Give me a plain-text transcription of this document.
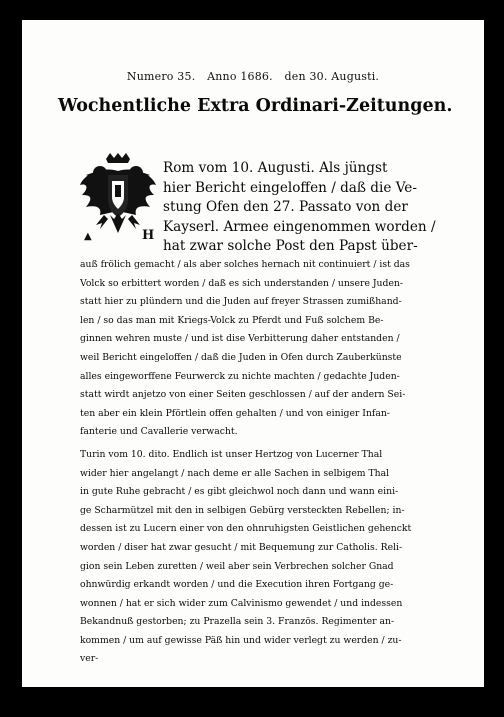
Numero 35. Anno 1686. den 30. Augusti.
Wochentliche Extra Ordinari-Zeitungen.
▲	H
Rom vom 10. Augusti. Als jüngst
hier Bericht eingeloffen / daß die Ve-
stung Ofen den 27. Passato von der
Kayserl. Armee eingenommen worden /
hat zwar solche Post den Papst über-
auß frölich gemacht / als aber solches hernach nit continuiert / ist das
Volck so erbittert worden / daß es sich understanden / unsere Juden-
statt hier zu plündern und die Juden auf freyer Strassen zumißhand-
len / so das man mit Kriegs-Volck zu Pferdt und Fuß solchem Be-
ginnen wehren muste / und ist dise Verbitterung daher entstanden /
weil Bericht eingeloffen / daß die Juden in Ofen durch Zauberkünste
alles eingeworffene Feurwerck zu nichte machten / gedachte Juden-
statt wirdt anjetzo von einer Seiten geschlossen / auf der andern Sei-
ten aber ein klein Pförtlein offen gehalten / und von einiger Infan-
fanterie und Cavallerie verwacht.
Turin vom 10. dito. Endlich ist unser Hertzog von Lucerner Thal
wider hier angelangt / nach deme er alle Sachen in selbigem Thal
in gute Ruhe gebracht / es gibt gleichwol noch dann und wann eini-
ge Scharmützel mit den in selbigen Gebürg versteckten Rebellen; in-
dessen ist zu Lucern einer von den ohnruhigsten Geistlichen gehenckt
worden / diser hat zwar gesucht / mit Bequemung zur Catholis. Reli-
gion sein Leben zuretten / weil aber sein Verbrechen solcher Gnad
ohnwürdig erkandt worden / und die Execution ihren Fortgang ge-
wonnen / hat er sich wider zum Calvinismo gewendet / und indessen
Bekandnuß gestorben; zu Prazella sein 3. Französ. Regimenter an-
kommen / um auf gewisse Päß hin und wider verlegt zu werden / zu-
ver-
